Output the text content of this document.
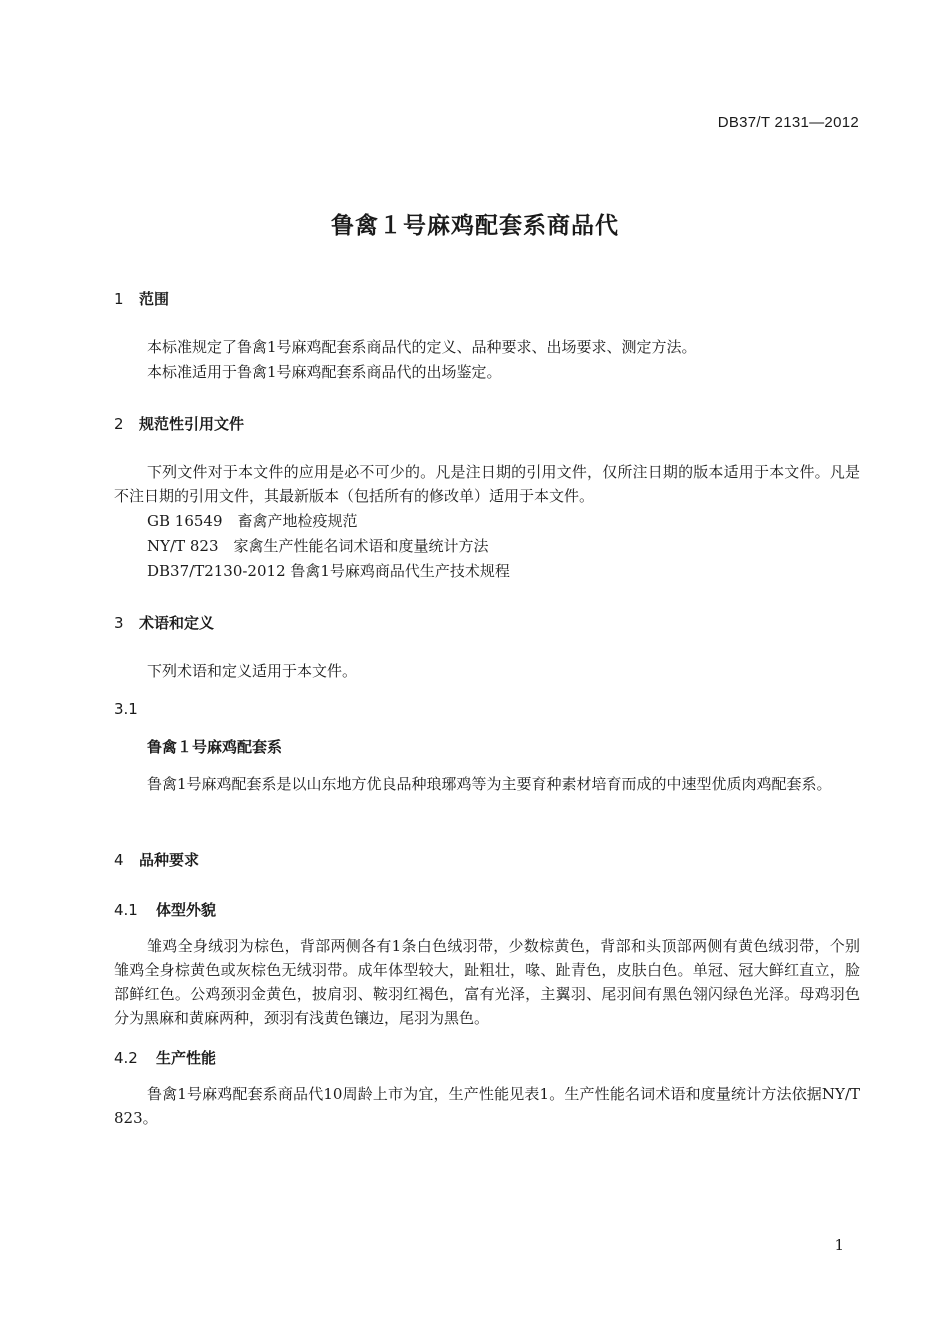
DB37/T 2131—2012
鲁禽１号麻鸡配套系商品代
1 范围
本标准规定了鲁禽1号麻鸡配套系商品代的定义、品种要求、出场要求、测定方法。
本标准适用于鲁禽1号麻鸡配套系商品代的出场鉴定。
2 规范性引用文件
下列文件对于本文件的应用是必不可少的。凡是注日期的引用文件，仅所注日期的版本适用于本文件。凡是不注日期的引用文件，其最新版本（包括所有的修改单）适用于本文件。
GB 16549　畜禽产地检疫规范
NY/T 823　家禽生产性能名词术语和度量统计方法
DB37/T2130-2012 鲁禽1号麻鸡商品代生产技术规程
3 术语和定义
下列术语和定义适用于本文件。
3.1
鲁禽１号麻鸡配套系
鲁禽1号麻鸡配套系是以山东地方优良品种琅琊鸡等为主要育种素材培育而成的中速型优质肉鸡配套系。
4 品种要求
4.1 体型外貌
雏鸡全身绒羽为棕色，背部两侧各有1条白色绒羽带，少数棕黄色，背部和头顶部两侧有黄色绒羽带，个别雏鸡全身棕黄色或灰棕色无绒羽带。成年体型较大，趾粗壮，喙、趾青色，皮肤白色。单冠、冠大鲜红直立，脸部鲜红色。公鸡颈羽金黄色，披肩羽、鞍羽红褐色，富有光泽，主翼羽、尾羽间有黑色翎闪绿色光泽。母鸡羽色分为黑麻和黄麻两种，颈羽有浅黄色镶边，尾羽为黑色。
4.2 生产性能
鲁禽1号麻鸡配套系商品代10周龄上市为宜，生产性能见表1。生产性能名词术语和度量统计方法依据NY/T 823。
1
